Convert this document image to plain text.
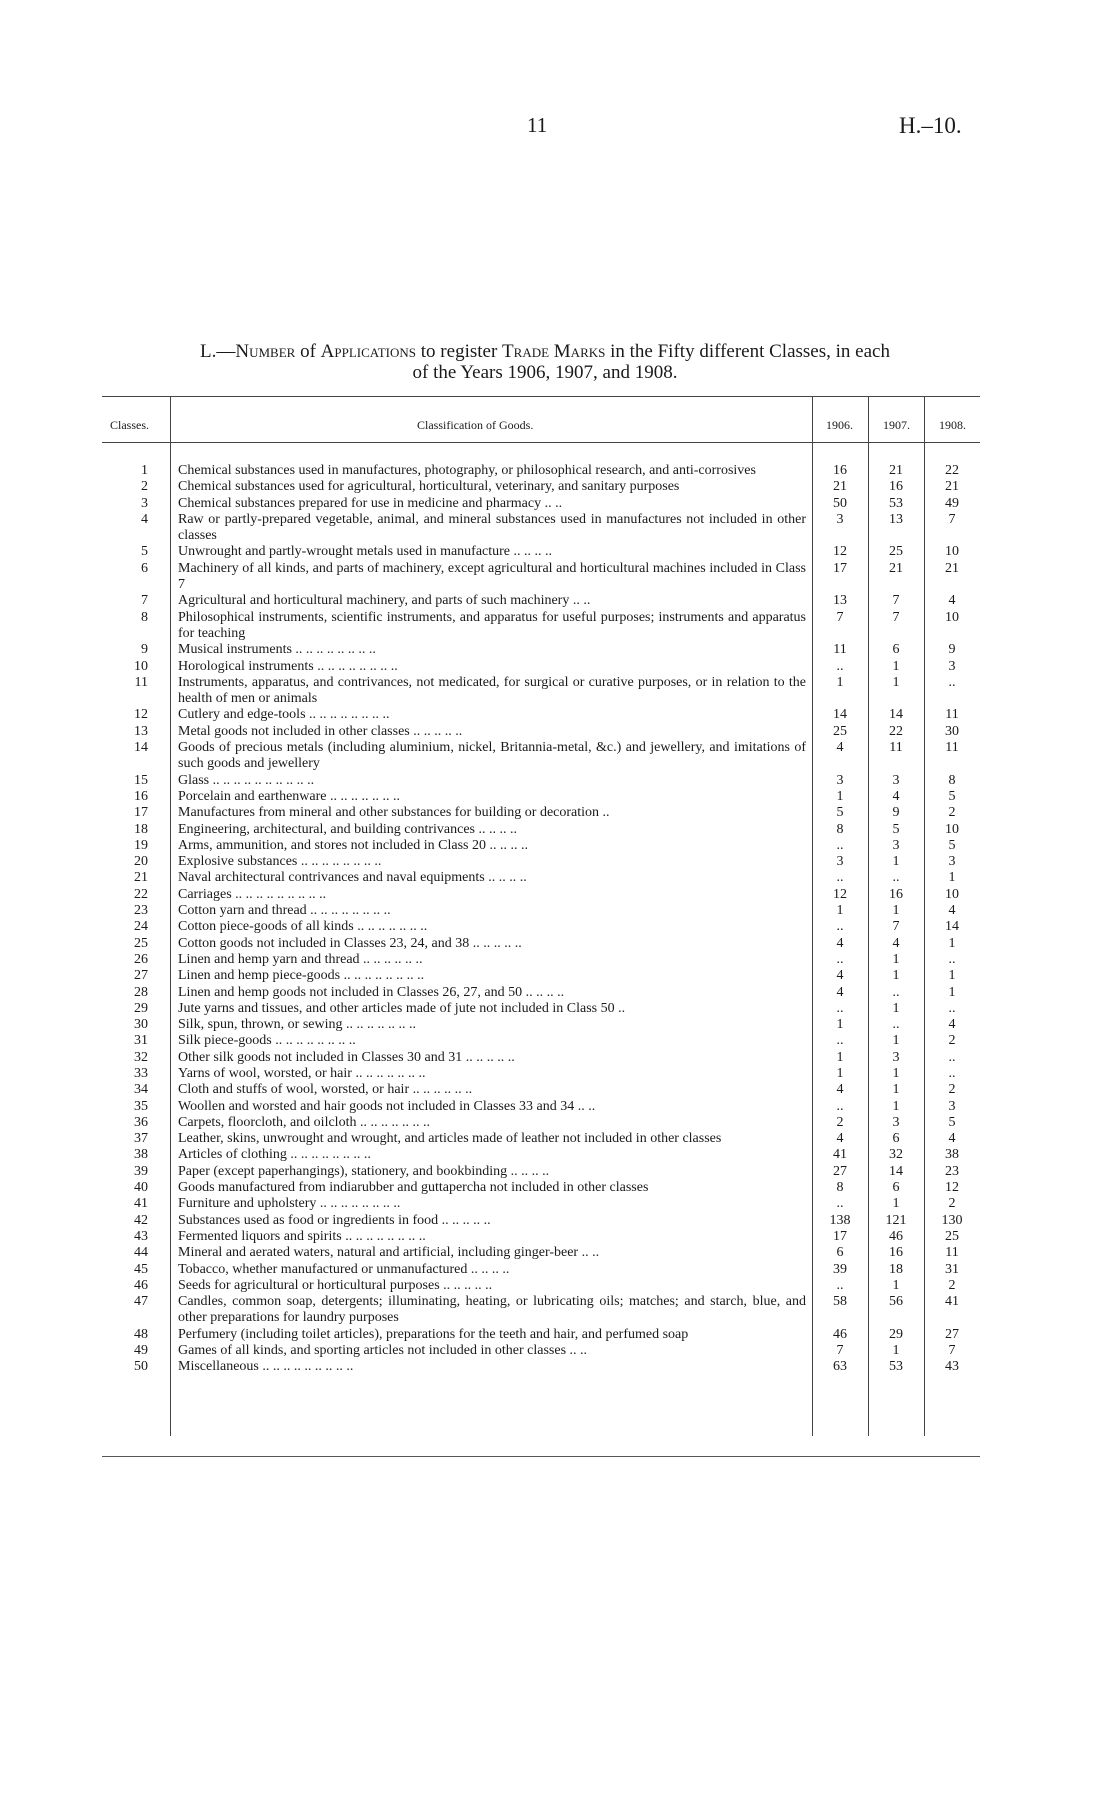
11	H.–10.
L.—Number of Applications to register Trade Marks in the Fifty different Classes, in each
of the Years 1906, 1907, and 1908.
Classes.	Classification of Goods.	1906.	1907. 1908.
1	Chemical substances used in manufactures, photography, or philosophical research, and anti-corrosives	16	21	22
2	Chemical substances used for agricultural, horticultural, veterinary, and sanitary purposes	21	16	21
3	Chemical substances prepared for use in medicine and pharmacy .. ..	50	53	49
4	Raw or partly-prepared vegetable, animal, and mineral substances used in manufactures not included in other classes	3	13	7
5	Unwrought and partly-wrought metals used in manufacture .. .. .. ..	12	25	10
6	Machinery of all kinds, and parts of machinery, except agricultural and horticultural machines included in Class 7	17	21	21
7	Agricultural and horticultural machinery, and parts of such machinery .. ..	13	7	4
8	Philosophical instruments, scientific instruments, and apparatus for useful purposes; instruments and apparatus for teaching	7	7	10
9	Musical instruments .. .. .. .. .. .. .. ..	11	6	9
10	Horological instruments .. .. .. .. .. .. .. ..	..	1	3
11	Instruments, apparatus, and contrivances, not medicated, for surgical or curative purposes, or in relation to the health of men or animals	1	1	..
12	Cutlery and edge-tools .. .. .. .. .. .. .. ..	14	14	11
13	Metal goods not included in other classes .. .. .. .. ..	25	22	30
14	Goods of precious metals (including aluminium, nickel, Britannia-metal, &c.) and jewellery, and imitations of such goods and jewellery	4	11	11
15	Glass .. .. .. .. .. .. .. .. .. ..	3	3	8
16	Porcelain and earthenware .. .. .. .. .. .. ..	1	4	5
17	Manufactures from mineral and other substances for building or decoration ..	5	9	2
18	Engineering, architectural, and building contrivances .. .. .. ..	8	5	10
19	Arms, ammunition, and stores not included in Class 20 .. .. .. ..	..	3	5
20	Explosive substances .. .. .. .. .. .. .. ..	3	1	3
21	Naval architectural contrivances and naval equipments .. .. .. ..	..	..	1
22	Carriages .. .. .. .. .. .. .. .. ..	12	16	10
23	Cotton yarn and thread .. .. .. .. .. .. .. ..	1	1	4
24	Cotton piece-goods of all kinds .. .. .. .. .. .. ..	..	7	14
25	Cotton goods not included in Classes 23, 24, and 38 .. .. .. .. ..	4	4	1
26	Linen and hemp yarn and thread .. .. .. .. .. ..	..	1	..
27	Linen and hemp piece-goods .. .. .. .. .. .. .. ..	4	1	1
28	Linen and hemp goods not included in Classes 26, 27, and 50 .. .. .. ..	4	..	1
29	Jute yarns and tissues, and other articles made of jute not included in Class 50 ..	..	1	..
30	Silk, spun, thrown, or sewing .. .. .. .. .. .. ..	1	..	4
31	Silk piece-goods .. .. .. .. .. .. .. ..	..	1	2
32	Other silk goods not included in Classes 30 and 31 .. .. .. .. ..	1	3	..
33	Yarns of wool, worsted, or hair .. .. .. .. .. .. ..	1	1	..
34	Cloth and stuffs of wool, worsted, or hair .. .. .. .. .. ..	4	1	2
35	Woollen and worsted and hair goods not included in Classes 33 and 34 .. ..	..	1	3
36	Carpets, floorcloth, and oilcloth .. .. .. .. .. .. ..	2	3	5
37	Leather, skins, unwrought and wrought, and articles made of leather not included in other classes	4	6	4
38	Articles of clothing .. .. .. .. .. .. .. ..	41	32	38
39	Paper (except paperhangings), stationery, and bookbinding .. .. .. ..	27	14	23
40	Goods manufactured from indiarubber and guttapercha not included in other classes	8	6	12
41	Furniture and upholstery .. .. .. .. .. .. .. ..	..	1	2
42	Substances used as food or ingredients in food .. .. .. .. ..	138	121	130
43	Fermented liquors and spirits .. .. .. .. .. .. .. ..	17	46	25
44	Mineral and aerated waters, natural and artificial, including ginger-beer .. ..	6	16	11
45	Tobacco, whether manufactured or unmanufactured .. .. .. ..	39	18	31
46	Seeds for agricultural or horticultural purposes .. .. .. .. ..	..	1	2
47	Candles, common soap, detergents; illuminating, heating, or lubricating oils; matches; and starch, blue, and other preparations for laundry purposes	58	56	41
48	Perfumery (including toilet articles), preparations for the teeth and hair, and perfumed soap	46	29	27
49	Games of all kinds, and sporting articles not included in other classes .. ..	7	1	7
50	Miscellaneous .. .. .. .. .. .. .. .. ..	63	53	43
